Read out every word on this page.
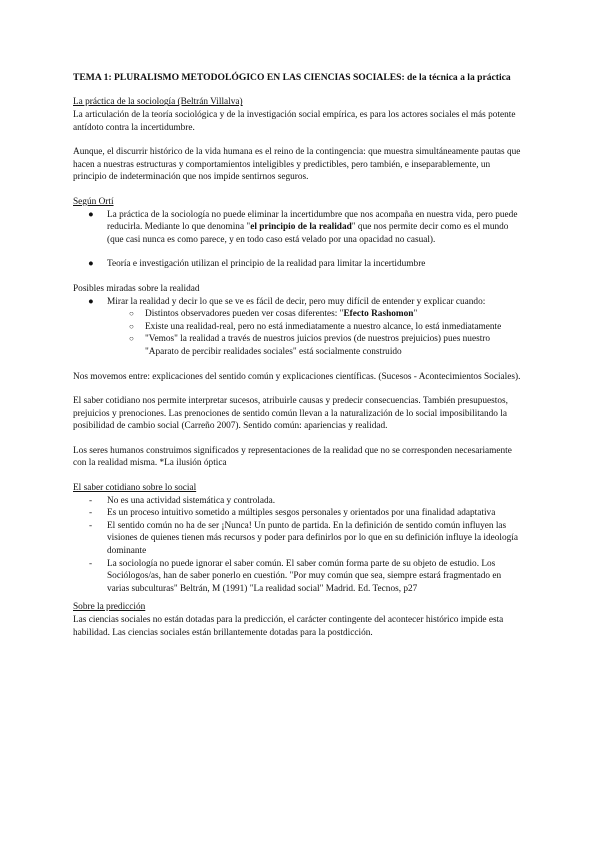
TEMA 1: PLURALISMO METODOLÓGICO EN LAS CIENCIAS SOCIALES: de la técnica a la práctica

La práctica de la sociología (Beltrán Villalva)

La articulación de la teoría sociológica y de la investigación social empírica, es para los actores sociales el más potente antídoto contra la incertidumbre.

Aunque, el discurrir histórico de la vida humana es el reino de la contingencia: que muestra simultáneamente pautas que hacen a nuestras estructuras y comportamientos inteligibles y predictibles, pero también, e inseparablemente, un principio de indeterminación que nos impide sentirnos seguros.

Según Ortí

● La práctica de la sociología no puede eliminar la incertidumbre que nos acompaña en nuestra vida, pero puede reducirla. Mediante lo que denomina "el principio de la realidad" que nos permite decir como es el mundo (que casi nunca es como parece, y en todo caso está velado por una opacidad no casual).
● Teoría e investigación utilizan el principio de la realidad para limitar la incertidumbre

Posibles miradas sobre la realidad

● Mirar la realidad y decir lo que se ve es fácil de decir, pero muy difícil de entender y explicar cuando:
○ Distintos observadores pueden ver cosas diferentes: "Efecto Rashomon"
○ Existe una realidad-real, pero no está inmediatamente a nuestro alcance, lo está inmediatamente
○ "Vemos" la realidad a través de nuestros juicios previos (de nuestros prejuicios) pues nuestro "Aparato de percibir realidades sociales" está socialmente construido

Nos movemos entre: explicaciones del sentido común y explicaciones científicas. (Sucesos - Acontecimientos Sociales).

El saber cotidiano nos permite interpretar sucesos, atribuirle causas y predecir consecuencias. También presupuestos, prejuicios y prenociones. Las prenociones de sentido común llevan a la naturalización de lo social imposibilitando la posibilidad de cambio social (Carreño 2007). Sentido común: apariencias y realidad.

Los seres humanos construimos significados y representaciones de la realidad que no se corresponden necesariamente con la realidad misma. *La ilusión óptica

El saber cotidiano sobre lo social

- No es una actividad sistemática y controlada.
- Es un proceso intuitivo sometido a múltiples sesgos personales y orientados por una finalidad adaptativa
- El sentido común no ha de ser ¡Nunca! Un punto de partida. En la definición de sentido común influyen las visiones de quienes tienen más recursos y poder para definirlos por lo que en su definición influye la ideología dominante
- La sociología no puede ignorar el saber común. El saber común forma parte de su objeto de estudio. Los Sociólogos/as, han de saber ponerlo en cuestión. "Por muy común que sea, siempre estará fragmentado en varias subculturas" Beltrán, M (1991) "La realidad social" Madrid. Ed. Tecnos, p27

Sobre la predicción

Las ciencias sociales no están dotadas para la predicción, el carácter contingente del acontecer histórico impide esta habilidad. Las ciencias sociales están brillantemente dotadas para la postdicción.
